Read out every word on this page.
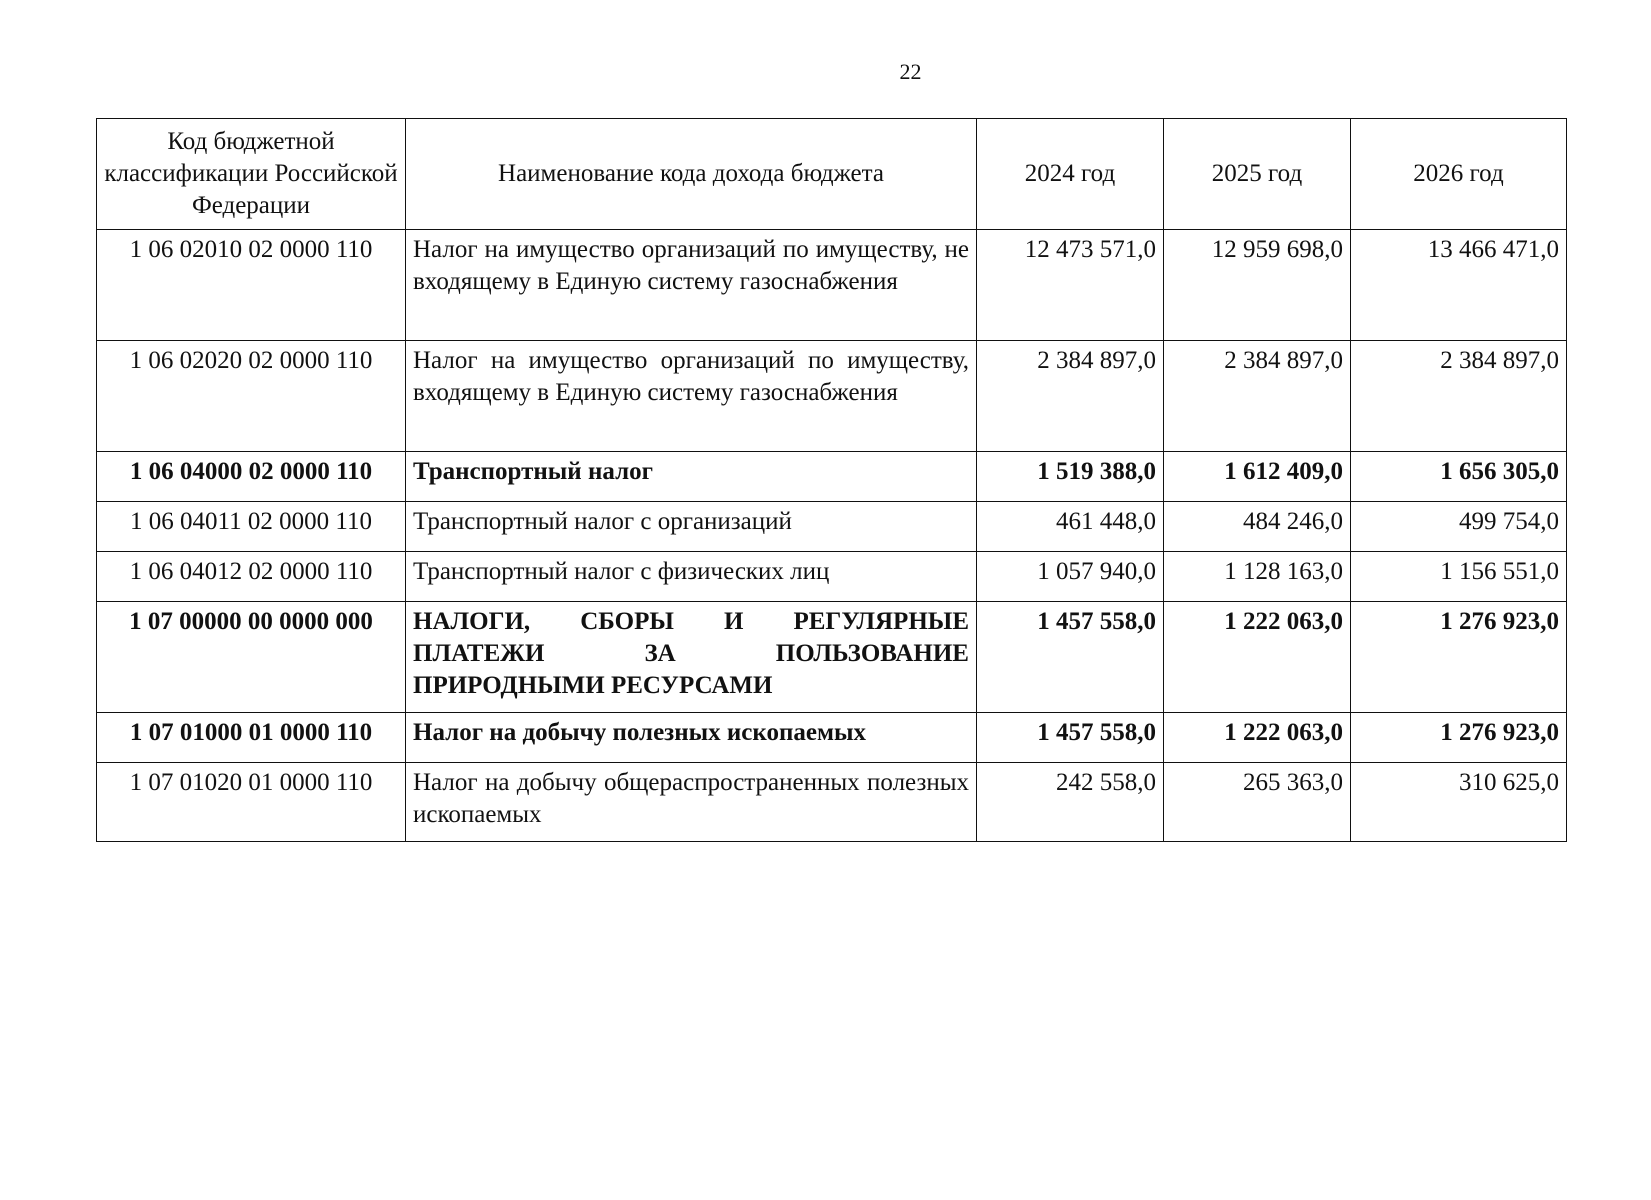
22
Код бюджетной классификации Российской Федерации	Наименование кода дохода бюджета	2024 год	2025 год	2026 год
1 06 02010 02 0000 110	Налог на имущество организаций по имуществу, не входящему в Единую систему газоснабжения	12 473 571,0	12 959 698,0	13 466 471,0
1 06 02020 02 0000 110	Налог на имущество организаций по имуществу, входящему в Единую систему газоснабжения	2 384 897,0	2 384 897,0	2 384 897,0
1 06 04000 02 0000 110	Транспортный налог	1 519 388,0	1 612 409,0	1 656 305,0
1 06 04011 02 0000 110	Транспортный налог с организаций	461 448,0	484 246,0	499 754,0
1 06 04012 02 0000 110	Транспортный налог с физических лиц	1 057 940,0	1 128 163,0	1 156 551,0
1 07 00000 00 0000 000	НАЛОГИ, СБОРЫ И РЕГУЛЯРНЫЕ ПЛАТЕЖИ ЗА ПОЛЬЗОВАНИЕ ПРИРОДНЫМИ РЕСУРСАМИ	1 457 558,0	1 222 063,0	1 276 923,0
1 07 01000 01 0000 110	Налог на добычу полезных ископаемых	1 457 558,0	1 222 063,0	1 276 923,0
1 07 01020 01 0000 110	Налог на добычу общераспространенных полезных ископаемых	242 558,0	265 363,0	310 625,0
